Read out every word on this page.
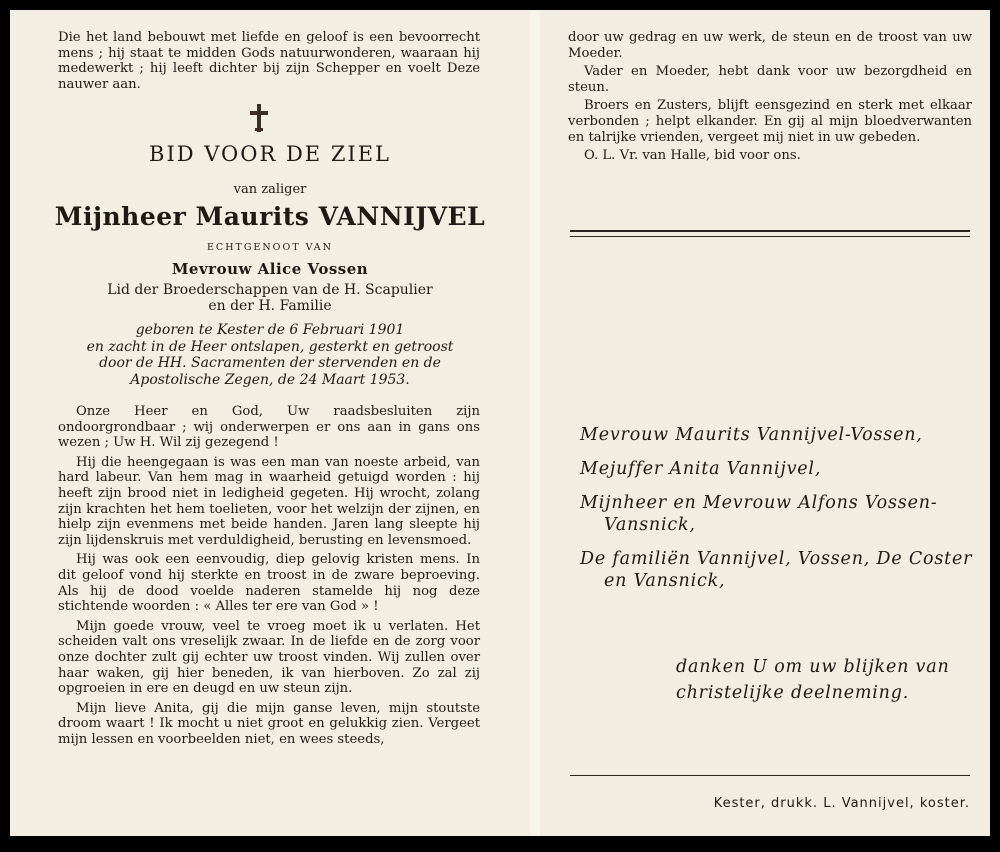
Die het land bebouwt met liefde en geloof is een bevoorrecht mens ; hij staat te midden Gods natuurwonderen, waaraan hij medewerkt ; hij leeft dichter bij zijn Schepper en voelt Deze nauwer aan.
BID VOOR DE ZIEL
van zaliger
Mijnheer Maurits VANNIJVEL
ECHTGENOOT VAN
Mevrouw Alice Vossen
Lid der Broederschappen van de H. Scapulier
en der H. Familie
geboren te Kester de 6 Februari 1901
en zacht in de Heer ontslapen, gesterkt en getroost
door de HH. Sacramenten der stervenden en de
Apostolische Zegen, de 24 Maart 1953.

Onze Heer en God, Uw raadsbesluiten zijn ondoorgrondbaar ; wij onderwerpen er ons aan in gans ons wezen ; Uw H. Wil zij gezegend !

Hij die heengegaan is was een man van noeste arbeid, van hard labeur. Van hem mag in waarheid getuigd worden : hij heeft zijn brood niet in ledigheid gegeten. Hij wrocht, zolang zijn krachten het hem toelieten, voor het welzijn der zijnen, en hielp zijn evenmens met beide handen. Jaren lang sleepte hij zijn lijdenskruis met verduldigheid, berusting en levensmoed.

Hij was ook een eenvoudig, diep gelovig kristen mens. In dit geloof vond hij sterkte en troost in de zware beproeving. Als hij de dood voelde naderen stamelde hij nog deze stichtende woorden : « Alles ter ere van God » !

Mijn goede vrouw, veel te vroeg moet ik u verlaten. Het scheiden valt ons vreselijk zwaar. In de liefde en de zorg voor onze dochter zult gij echter uw troost vinden. Wij zullen over haar waken, gij hier beneden, ik van hierboven. Zo zal zij opgroeien in ere en deugd en uw steun zijn.

Mijn lieve Anita, gij die mijn ganse leven, mijn stoutste droom waart ! Ik mocht u niet groot en gelukkig zien. Vergeet mijn lessen en voorbeelden niet, en wees steeds,

door uw gedrag en uw werk, de steun en de troost van uw Moeder.

Vader en Moeder, hebt dank voor uw bezorgdheid en steun.

Broers en Zusters, blijft eensgezind en sterk met elkaar verbonden ; helpt elkander. En gij al mijn bloedverwanten en talrijke vrienden, vergeet mij niet in uw gebeden.

O. L. Vr. van Halle, bid voor ons.

Mevrouw Maurits Vannijvel-Vossen,
Mejuffer Anita Vannijvel,
Mijnheer en Mevrouw Alfons Vossen-
Vansnick,
De familiën Vannijvel, Vossen, De Coster
en Vansnick,
danken U om uw blijken van
christelijke deelneming.
Kester, drukk. L. Vannijvel, koster.
